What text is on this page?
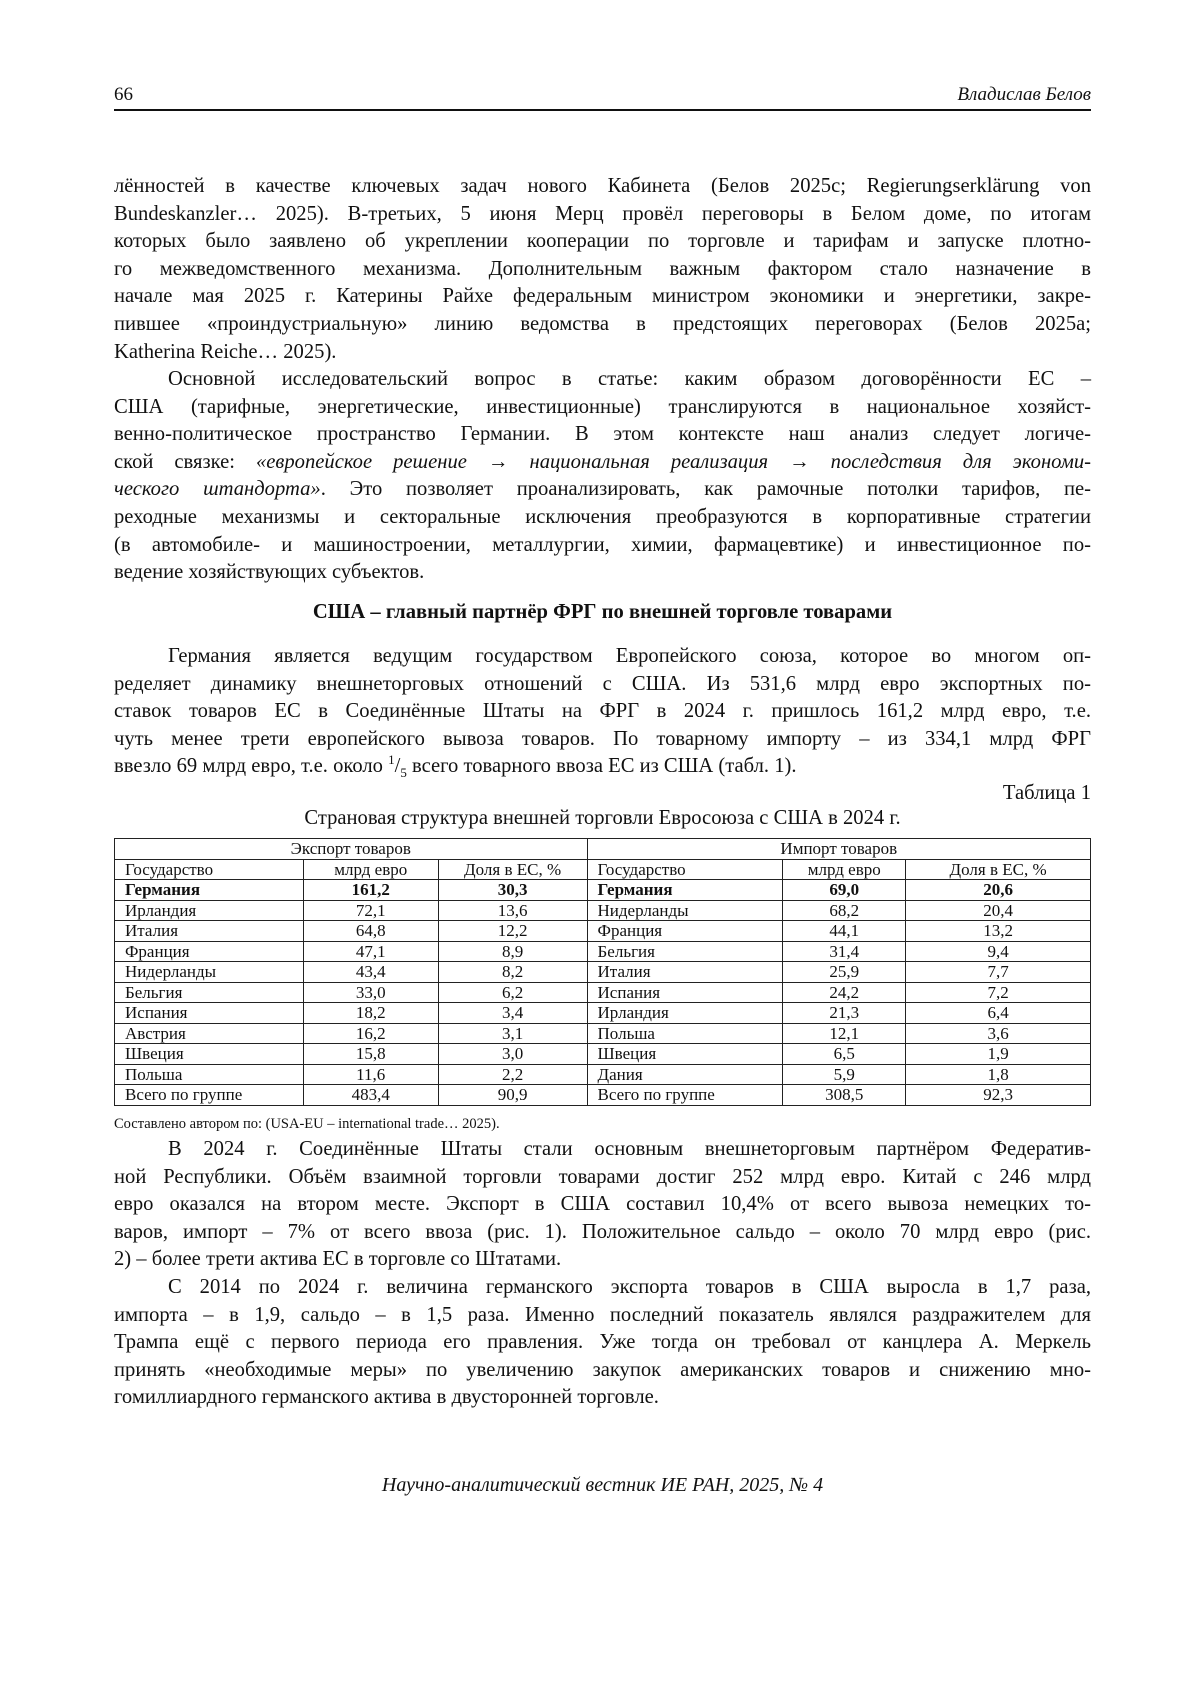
66	Владислав Белов
лённостей в качестве ключевых задач нового Кабинета (Белов 2025c; Regierungserklärung von
Bundeskanzler… 2025). В-третьих, 5 июня Мерц провёл переговоры в Белом доме, по итогам
которых было заявлено об укреплении кооперации по торговле и тарифам и запуске плотно-
го межведомственного механизма. Дополнительным важным фактором стало назначение в
начале мая 2025 г. Катерины Райхе федеральным министром экономики и энергетики, закре-
пившее «проиндустриальную» линию ведомства в предстоящих переговорах (Белов 2025a;
Katherina Reiche… 2025).
Основной исследовательский вопрос в статье: каким образом договорённости ЕС –
США (тарифные, энергетические, инвестиционные) транслируются в национальное хозяйст-
венно-политическое пространство Германии. В этом контексте наш анализ следует логиче-
ской связке: «европейское решение → национальная реализация → последствия для экономи-
ческого штандорта». Это позволяет проанализировать, как рамочные потолки тарифов, пе-
реходные механизмы и секторальные исключения преобразуются в корпоративные стратегии
(в автомобиле- и машиностроении, металлургии, химии, фармацевтике) и инвестиционное по-
ведение хозяйствующих субъектов.
США – главный партнёр ФРГ по внешней торговле товарами
Германия является ведущим государством Европейского союза, которое во многом оп-
ределяет динамику внешнеторговых отношений с США. Из 531,6 млрд евро экспортных по-
ставок товаров ЕС в Соединённые Штаты на ФРГ в 2024 г. пришлось 161,2 млрд евро, т.е.
чуть менее трети европейского вывоза товаров. По товарному импорту – из 334,1 млрд ФРГ
ввезло 69 млрд евро, т.е. около $^1/_5$ всего товарного ввоза ЕС из США (табл. 1).
Таблица 1
Страновая структура внешней торговли Евросоюза с США в 2024 г.
Экспорт товаров			Импорт товаров		
Государство	млрд евро	Доля в ЕС, %	Государство	млрд евро	Доля в ЕС, %
Германия	161,2	30,3	Германия	69,0	20,6
Ирландия	72,1	13,6	Нидерланды	68,2	20,4
Италия	64,8	12,2	Франция	44,1	13,2
Франция	47,1	8,9	Бельгия	31,4	9,4
Нидерланды	43,4	8,2	Италия	25,9	7,7
Бельгия	33,0	6,2	Испания	24,2	7,2
Испания	18,2	3,4	Ирландия	21,3	6,4
Австрия	16,2	3,1	Польша	12,1	3,6
Швеция	15,8	3,0	Швеция	6,5	1,9
Польша	11,6	2,2	Дания	5,9	1,8
Всего по группе	483,4	90,9	Всего по группе	308,5	92,3
Составлено автором по: (USA-EU – international trade… 2025).
В 2024 г. Соединённые Штаты стали основным внешнеторговым партнёром Федератив-
ной Республики. Объём взаимной торговли товарами достиг 252 млрд евро. Китай с 246 млрд
евро оказался на втором месте. Экспорт в США составил 10,4% от всего вывоза немецких то-
варов, импорт – 7% от всего ввоза (рис. 1). Положительное сальдо – около 70 млрд евро (рис.
2) – более трети актива ЕС в торговле со Штатами.
С 2014 по 2024 г. величина германского экспорта товаров в США выросла в 1,7 раза,
импорта – в 1,9, сальдо – в 1,5 раза. Именно последний показатель являлся раздражителем для
Трампа ещё с первого периода его правления. Уже тогда он требовал от канцлера А. Меркель
принять «необходимые меры» по увеличению закупок американских товаров и снижению мно-
гомиллиардного германского актива в двусторонней торговле.
Научно-аналитический вестник ИЕ РАН, 2025, № 4
